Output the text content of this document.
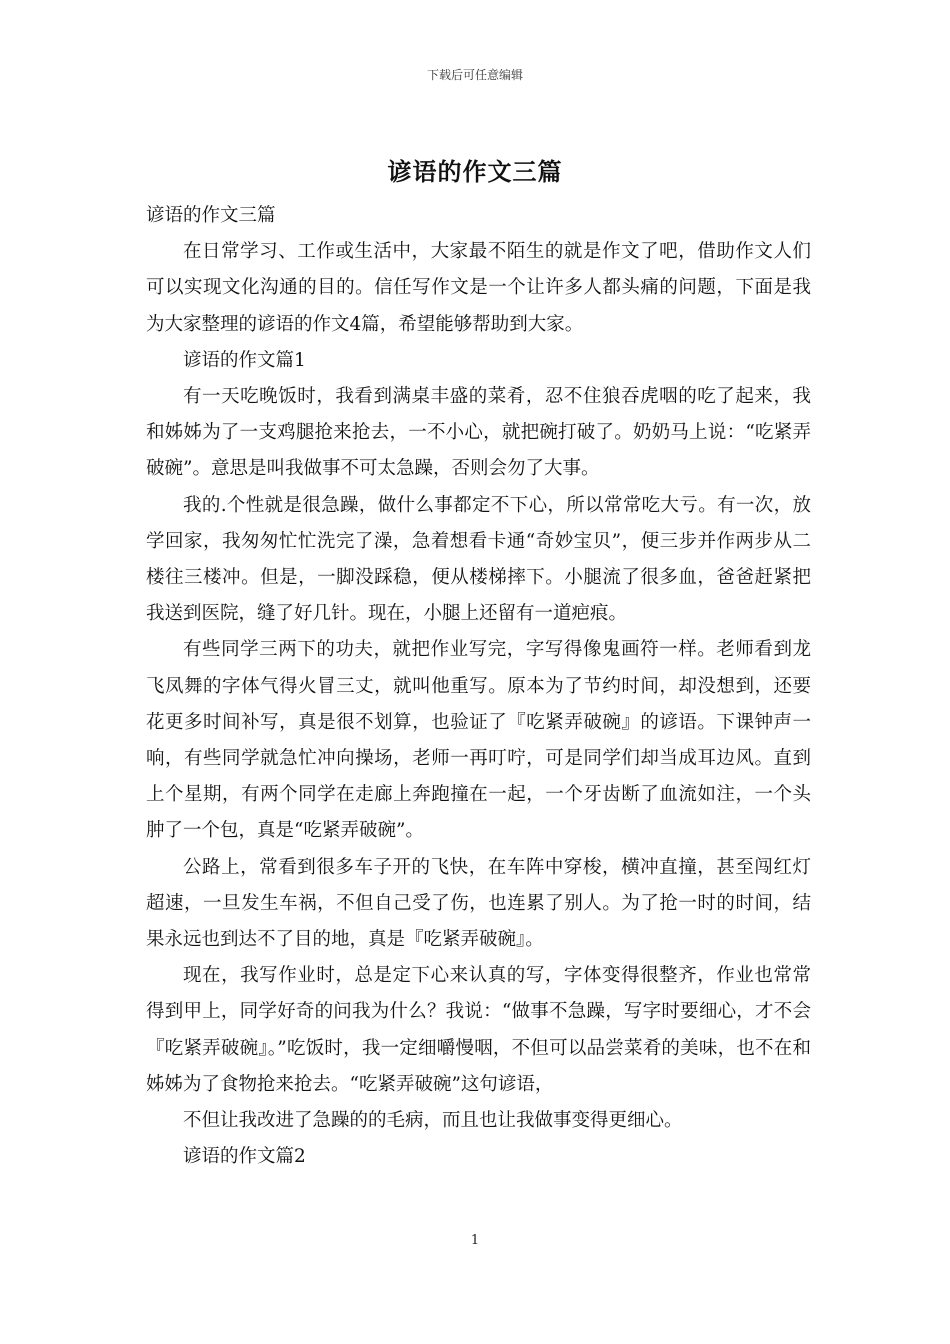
下载后可任意编辑
谚语的作文三篇

谚语的作文三篇

在日常学习、工作或生活中，大家最不陌生的就是作文了吧，借助作文人们可以实现文化沟通的目的。信任写作文是一个让许多人都头痛的问题，下面是我为大家整理的谚语的作文4篇，希望能够帮助到大家。

谚语的作文篇1

有一天吃晚饭时，我看到满桌丰盛的菜肴，忍不住狼吞虎咽的吃了起来，我和姊姊为了一支鸡腿抢来抢去，一不小心，就把碗打破了。奶奶马上说：“吃紧弄破碗”。意思是叫我做事不可太急躁，否则会勿了大事。

我的.个性就是很急躁，做什么事都定不下心，所以常常吃大亏。有一次，放学回家，我匆匆忙忙洗完了澡，急着想看卡通“奇妙宝贝”，便三步并作两步从二楼往三楼冲。但是，一脚没踩稳，便从楼梯摔下。小腿流了很多血，爸爸赶紧把我送到医院，缝了好几针。现在，小腿上还留有一道疤痕。

有些同学三两下的功夫，就把作业写完，字写得像鬼画符一样。老师看到龙飞凤舞的字体气得火冒三丈，就叫他重写。原本为了节约时间，却没想到，还要花更多时间补写，真是很不划算，也验证了『吃紧弄破碗』的谚语。下课钟声一响，有些同学就急忙冲向操场，老师一再叮咛，可是同学们却当成耳边风。直到上个星期，有两个同学在走廊上奔跑撞在一起，一个牙齿断了血流如注，一个头肿了一个包，真是“吃紧弄破碗”。

公路上，常看到很多车子开的飞快，在车阵中穿梭，横冲直撞，甚至闯红灯超速，一旦发生车祸，不但自己受了伤，也连累了别人。为了抢一时的时间，结果永远也到达不了目的地，真是『吃紧弄破碗』。

现在，我写作业时，总是定下心来认真的写，字体变得很整齐，作业也常常得到甲上，同学好奇的问我为什么？我说：“做事不急躁，写字时要细心，才不会『吃紧弄破碗』。”吃饭时，我一定细嚼慢咽，不但可以品尝菜肴的美味，也不在和姊姊为了食物抢来抢去。“吃紧弄破碗”这句谚语，

不但让我改进了急躁的的毛病，而且也让我做事变得更细心。

谚语的作文篇2

1
